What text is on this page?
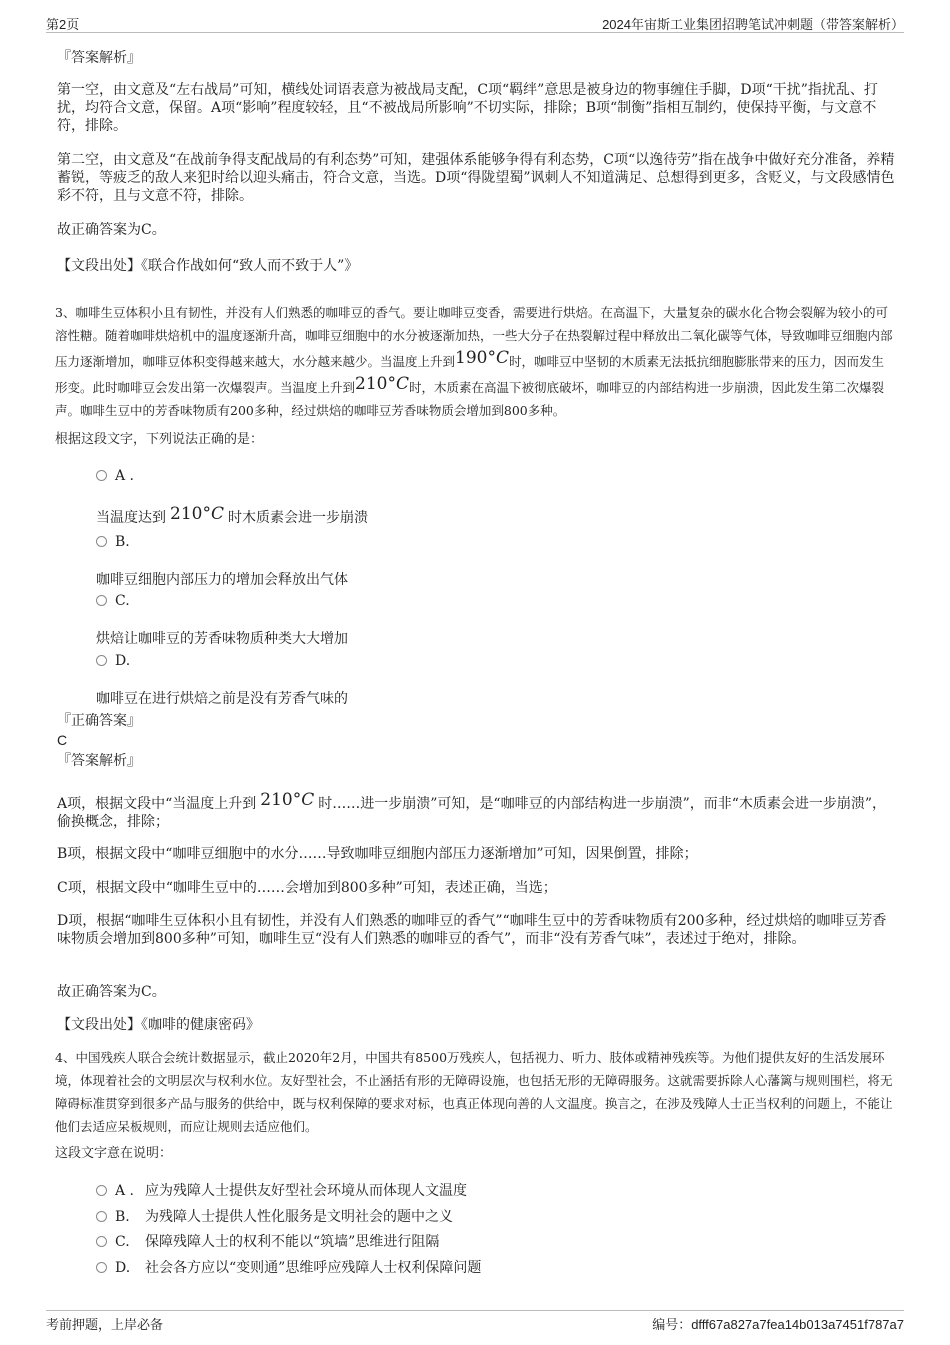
第2页	2024年宙斯工业集团招聘笔试冲刺题（带答案解析）
『答案解析』
第一空，由文意及“左右战局”可知，横线处词语表意为被战局支配，C项“羁绊”意思是被身边的物事缠住手脚，D项“干扰”指扰乱、打扰，均符合文意，保留。A项“影响”程度较轻，且“不被战局所影响”不切实际，排除；B项“制衡”指相互制约，使保持平衡，与文意不符，排除。
第二空，由文意及“在战前争得支配战局的有利态势”可知，建强体系能够争得有利态势，C项“以逸待劳”指在战争中做好充分准备，养精蓄锐，等疲乏的敌人来犯时给以迎头痛击，符合文意，当选。D项“得陇望蜀”讽刺人不知道满足、总想得到更多，含贬义，与文段感情色彩不符，且与文意不符，排除。
故正确答案为C。
【文段出处】《联合作战如何“致人而不致于人”》
3、咖啡生豆体积小且有韧性，并没有人们熟悉的咖啡豆的香气。要让咖啡豆变香，需要进行烘焙。在高温下，大量复杂的碳水化合物会裂解为较小的可溶性糖。随着咖啡烘焙机中的温度逐渐升高，咖啡豆细胞中的水分被逐渐加热，一些大分子在热裂解过程中释放出二氧化碳等气体，导致咖啡豆细胞内部压力逐渐增加，咖啡豆体积变得越来越大，水分越来越少。当温度上升到190°C时，咖啡豆中坚韧的木质素无法抵抗细胞膨胀带来的压力，因而发生形变。此时咖啡豆会发出第一次爆裂声。当温度上升到210°C时，木质素在高温下被彻底破坏，咖啡豆的内部结构进一步崩溃，因此发生第二次爆裂声。咖啡生豆中的芳香味物质有200多种，经过烘焙的咖啡豆芳香味物质会增加到800多种。
根据这段文字，下列说法正确的是：
A .
当温度达到 210°C 时木质素会进一步崩溃
B.
咖啡豆细胞内部压力的增加会释放出气体
C.
烘焙让咖啡豆的芳香味物质种类大大增加
D.
咖啡豆在进行烘焙之前是没有芳香气味的
『正确答案』
C
『答案解析』
A项，根据文段中“当温度上升到 210°C 时……进一步崩溃”可知，是“咖啡豆的内部结构进一步崩溃”，而非“木质素会进一步崩溃”，偷换概念，排除；
B项，根据文段中“咖啡豆细胞中的水分……导致咖啡豆细胞内部压力逐渐增加”可知，因果倒置，排除；
C项，根据文段中“咖啡生豆中的……会增加到800多种”可知，表述正确，当选；
D项，根据“咖啡生豆体积小且有韧性，并没有人们熟悉的咖啡豆的香气”“咖啡生豆中的芳香味物质有200多种，经过烘焙的咖啡豆芳香味物质会增加到800多种”可知，咖啡生豆“没有人们熟悉的咖啡豆的香气”，而非“没有芳香气味”，表述过于绝对，排除。
故正确答案为C。
【文段出处】《咖啡的健康密码》
4、中国残疾人联合会统计数据显示，截止2020年2月，中国共有8500万残疾人，包括视力、听力、肢体或精神残疾等。为他们提供友好的生活发展环境，体现着社会的文明层次与权利水位。友好型社会，不止涵括有形的无障碍设施，也包括无形的无障碍服务。这就需要拆除人心藩篱与规则围栏，将无障碍标准贯穿到很多产品与服务的供给中，既与权利保障的要求对标，也真正体现向善的人文温度。换言之，在涉及残障人士正当权利的问题上，不能让他们去适应呆板规则，而应让规则去适应他们。
这段文字意在说明：
A . 应为残障人士提供友好型社会环境从而体现人文温度
B. 为残障人士提供人性化服务是文明社会的题中之义
C. 保障残障人士的权利不能以“筑墙”思维进行阻隔
D. 社会各方应以“变则通”思维呼应残障人士权利保障问题
考前押题，上岸必备	编号：dfff67a827a7fea14b013a7451f787a7
